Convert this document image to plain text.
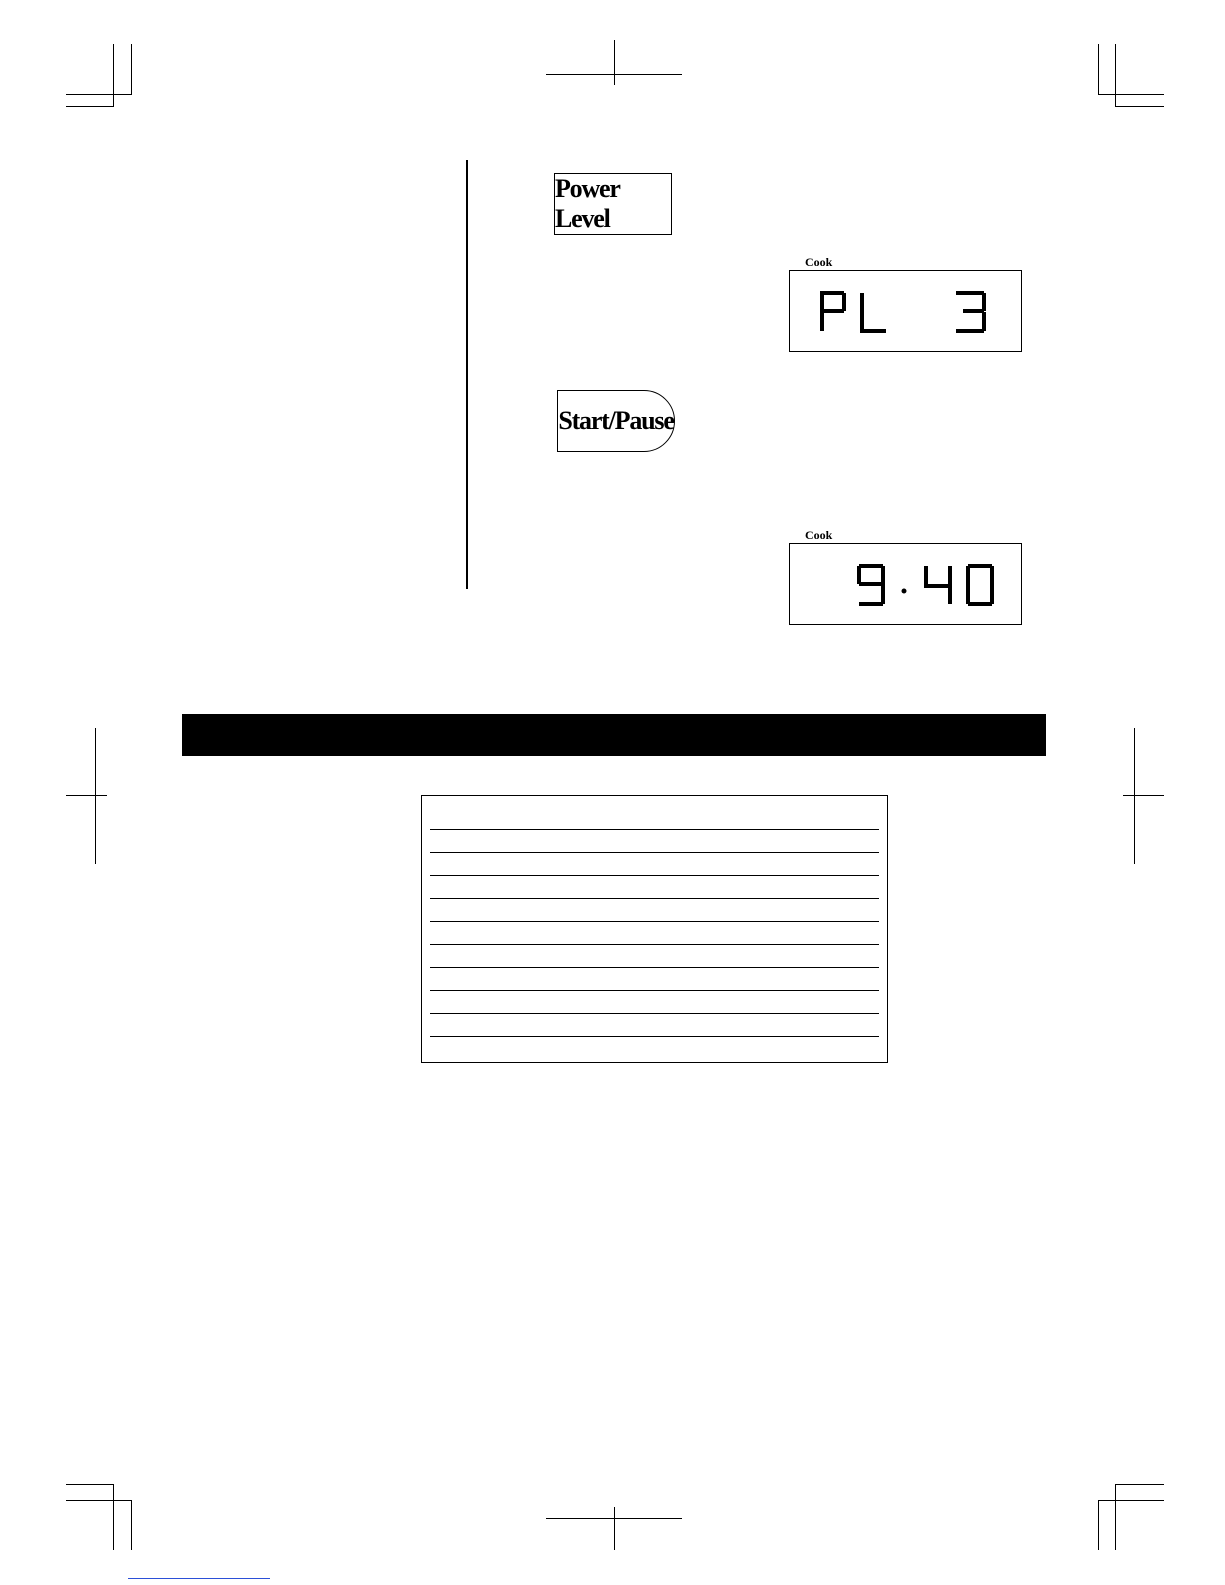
Power Level
Cook
Start/Pause
Cook
